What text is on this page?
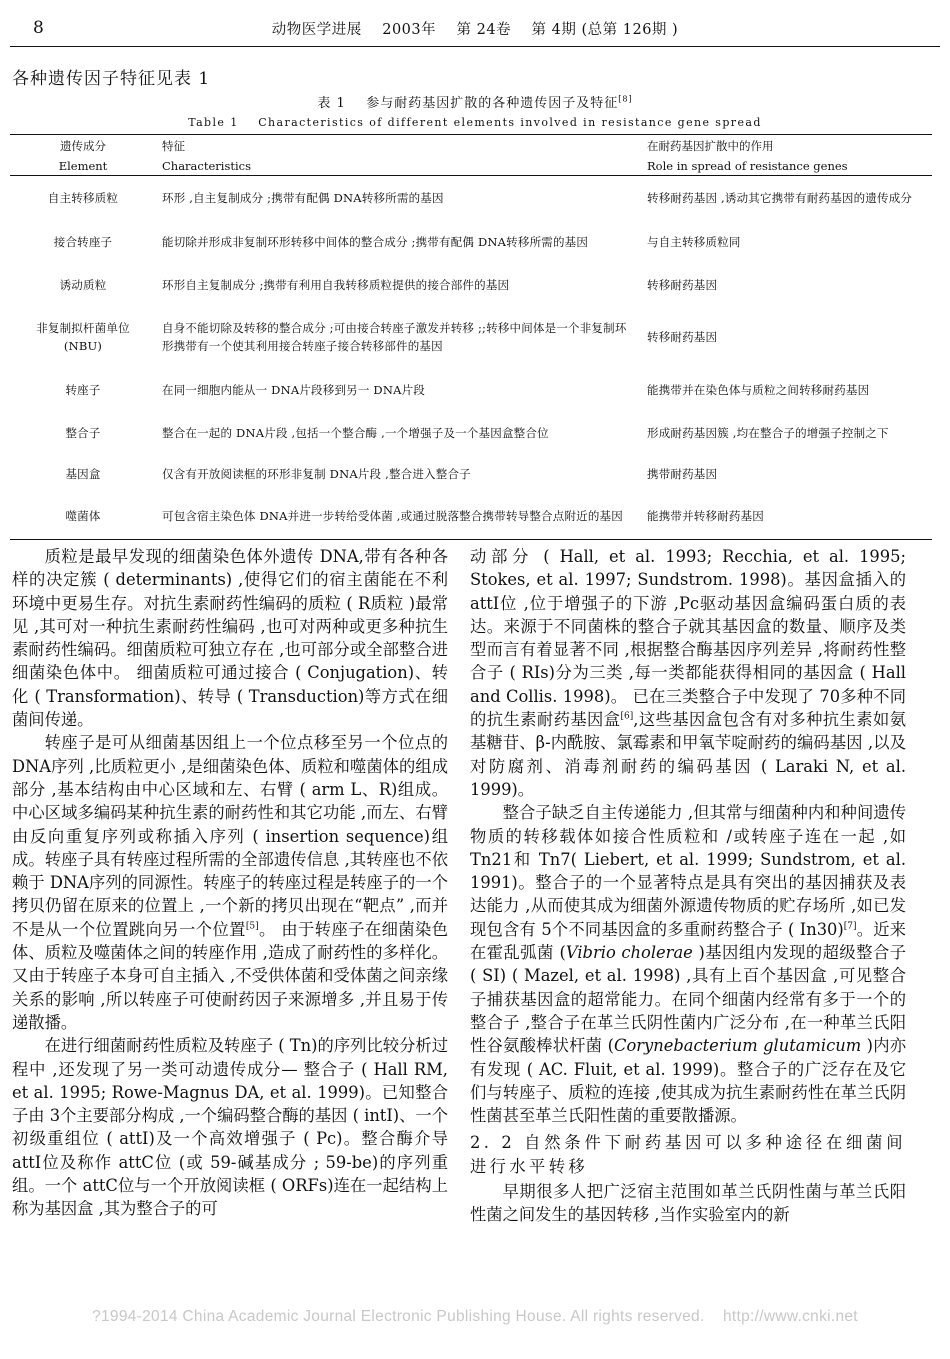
8	动物医学进展    2003年    第 24卷    第 4期 (总第 126期 )
各种遗传因子特征见表 1
表 1    参与耐药基因扩散的各种遗传因子及特征[8]
Table 1    Characteristics of different elements involved in resistance gene spread
遗传成分	特征	在耐药基因扩散中的作用
Element	Characteristics	Role in spread of resistance genes
自主转移质粒	环形 ,自主复制成分 ;携带有配偶 DNA转移所需的基因	转移耐药基因 ,诱动其它携带有耐药基因的遗传成分
接合转座子	能切除并形成非复制环形转移中间体的整合成分 ;携带有配偶 DNA转移所需的基因	与自主转移质粒同
诱动质粒	环形自主复制成分 ;携带有利用自我转移质粒提供的接合部件的基因	转移耐药基因
非复制拟杆菌单位 (NBU)	自身不能切除及转移的整合成分 ;可由接合转座子激发并转移 ;;转移中间体是一个非复制环形携带有一个使其利用接合转座子接合转移部件的基因	转移耐药基因
转座子	在同一细胞内能从一 DNA片段移到另一 DNA片段	能携带并在染色体与质粒之间转移耐药基因
整合子	整合在一起的 DNA片段 ,包括一个整合酶 ,一个增强子及一个基因盒整合位	形成耐药基因簇 ,均在整合子的增强子控制之下
基因盒	仅含有开放阅读框的环形非复制 DNA片段 ,整合进入整合子	携带耐药基因
噬菌体	可包含宿主染色体 DNA并进一步转给受体菌 ,或通过脱落整合携带转导整合点附近的基因	能携带并转移耐药基因

质粒是最早发现的细菌染色体外遗传 DNA,带有各种各样的决定簇 ( determinants) ,使得它们的宿主菌能在不利环境中更易生存。对抗生素耐药性编码的质粒 ( R质粒 )最常见 ,其可对一种抗生素耐药性编码 ,也可对两种或更多种抗生素耐药性编码。细菌质粒可独立存在 ,也可部分或全部整合进细菌染色体中。 细菌质粒可通过接合 ( Conjugation)、转化 ( Transformation)、转导 ( Transduction)等方式在细菌间传递。

转座子是可从细菌基因组上一个位点移至另一个位点的 DNA序列 ,比质粒更小 ,是细菌染色体、质粒和噬菌体的组成部分 ,基本结构由中心区域和左、右臂 ( arm L、R)组成。中心区域多编码某种抗生素的耐药性和其它功能 ,而左、右臂由反向重复序列或称插入序列 ( insertion sequence)组成。转座子具有转座过程所需的全部遗传信息 ,其转座也不依赖于 DNA序列的同源性。转座子的转座过程是转座子的一个拷贝仍留在原来的位置上 ,一个新的拷贝出现在“靶点” ,而并不是从一个位置跳向另一个位置[5]。 由于转座子在细菌染色体、质粒及噬菌体之间的转座作用 ,造成了耐药性的多样化。又由于转座子本身可自主插入 ,不受供体菌和受体菌之间亲缘关系的影响 ,所以转座子可使耐药因子来源增多 ,并且易于传递散播。

在进行细菌耐药性质粒及转座子 ( Tn)的序列比较分析过程中 ,还发现了另一类可动遗传成分— 整合子 ( Hall RM, et al. 1995; Rowe-Magnus DA, et al. 1999)。已知整合子由 3个主要部分构成 ,一个编码整合酶的基因 ( intI)、一个初级重组位 ( attI)及一个高效增强子 ( Pc)。整合酶介导 attI位及称作 attC位 (或 59-碱基成分 ; 59-be)的序列重组。一个 attC位与一个开放阅读框 ( ORFs)连在一起结构上称为基因盒 ,其为整合子的可

动部分 ( Hall, et al. 1993; Recchia, et al. 1995; Stokes, et al. 1997; Sundstrom. 1998)。基因盒插入的 attI位 ,位于增强子的下游 ,Pc驱动基因盒编码蛋白质的表达。来源于不同菌株的整合子就其基因盒的数量、顺序及类型而言有着显著不同 ,根据整合酶基因序列差异 ,将耐药性整合子 ( RIs)分为三类 ,每一类都能获得相同的基因盒 ( Hall and Collis. 1998)。 已在三类整合子中发现了 70多种不同的抗生素耐药基因盒[6],这些基因盒包含有对多种抗生素如氨基糖苷、β-内酰胺、氯霉素和甲氧苄啶耐药的编码基因 ,以及对防腐剂、消毒剂耐药的编码基因 ( Laraki N, et al. 1999)。

整合子缺乏自主传递能力 ,但其常与细菌种内和种间遗传物质的转移载体如接合性质粒和 /或转座子连在一起 ,如 Tn21和 Tn7( Liebert, et al. 1999; Sundstrom, et al. 1991)。整合子的一个显著特点是具有突出的基因捕获及表达能力 ,从而使其成为细菌外源遗传物质的贮存场所 ,如已发现包含有 5个不同基因盒的多重耐药整合子 ( In30)[7]。近来在霍乱弧菌 (Vibrio cholerae )基因组内发现的超级整合子 ( SI) ( Mazel, et al. 1998) ,具有上百个基因盒 ,可见整合子捕获基因盒的超常能力。在同个细菌内经常有多于一个的整合子 ,整合子在革兰氏阴性菌内广泛分布 ,在一种革兰氏阳性谷氨酸棒状杆菌 (Corynebacterium glutamicum )内亦有发现 ( AC. Fluit, et al. 1999)。整合子的广泛存在及它们与转座子、质粒的连接 ,使其成为抗生素耐药性在革兰氏阴性菌甚至革兰氏阳性菌的重要散播源。

2. 2 自然条件下耐药基因可以多种途径在细菌间进行水平转移

早期很多人把广泛宿主范围如革兰氏阴性菌与革兰氏阳性菌之间发生的基因转移 ,当作实验室内的新

?1994-2014 China Academic Journal Electronic Publishing House. All rights reserved.    http://www.cnki.net
